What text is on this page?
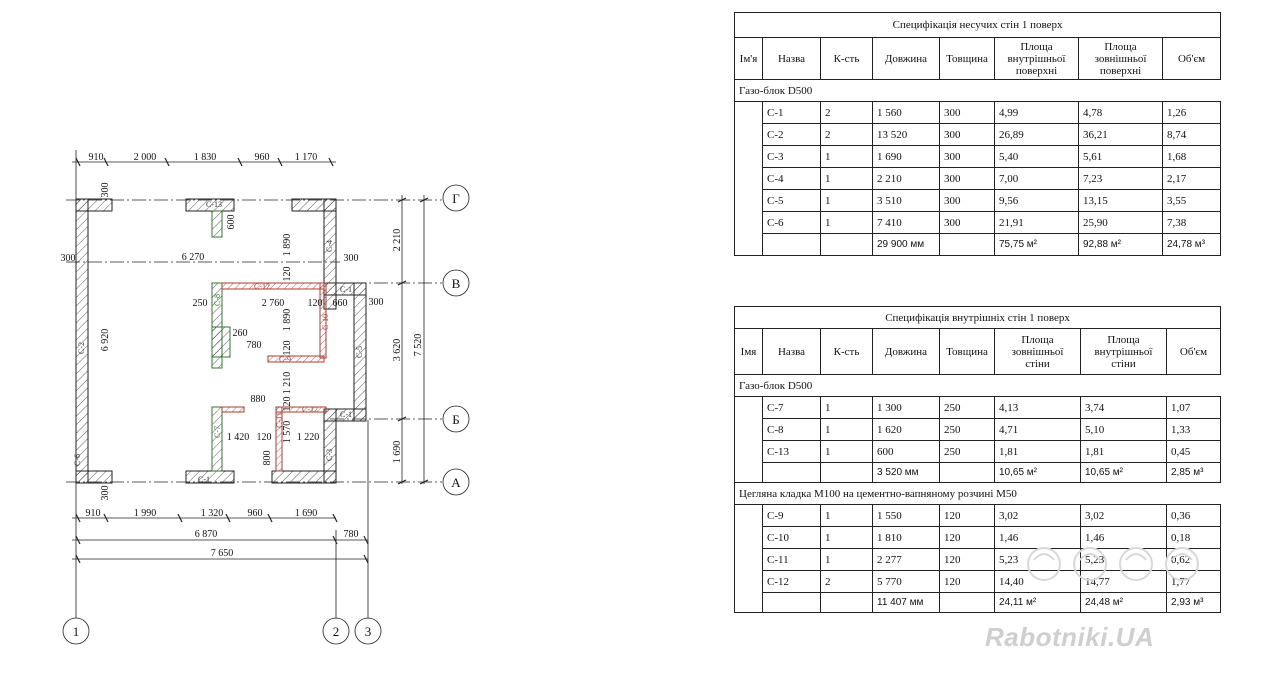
910	2 000	1 830	960	1 170
910	1 990	1 320 960	1 690
6 870	780
7 650
2 210
3 620
1 690
7 520
300
300	300
300
300
6 270
6 920
1 890
120
1 890
120
1 210
120
1 570
600
250	2 760 120 660
260
780
880
1 420 120	1 220
800
С-2
С-1
С-13
С-4
С-1
С-5
С-1
С-3
С-12
С-10
С-9
С-12
С-11
С-8
С-7
С-6
Г
В
Б
А
1	2 3
Специфікація несучих стін 1 поверх							
Ім'я	Назва	К-сть	Довжина	Товщина	Площа внутрішньої поверхні	Площа зовнішньої поверхні	Об'єм
Газо-блок D500							
	С-1	2	1 560	300	4,99	4,78	1,26
	С-2	2	13 520	300	26,89	36,21	8,74
	С-3	1	1 690	300	5,40	5,61	1,68
	С-4	1	2 210	300	7,00	7,23	2,17
	С-5	1	3 510	300	9,56	13,15	3,55
	С-6	1	7 410	300	21,91	25,90	7,38
			29 900 мм		75,75 м²	92,88 м²	24,78 м³
Специфікація внутрішніх стін 1 поверх							
Імя	Назва	К-сть	Довжина	Товщина	Площа зовнішньої стіни	Площа внутрішньої стіни	Об'єм
Газо-блок D500							
	С-7	1	1 300	250	4,13	3,74	1,07
	С-8	1	1 620	250	4,71	5,10	1,33
	С-13	1	600	250	1,81	1,81	0,45
			3 520 мм		10,65 м²	10,65 м²	2,85 м³
Цегляна кладка М100 на цементно-вапняному розчині М50							
	С-9	1	1 550	120	3,02	3,02	0,36
	С-10	1	1 810	120	1,46	1,46	0,18
	С-11	1	2 277	120	5,23	5,23	0,62
	С-12	2	5 770	120	14,40	14,77	1,77
			11 407 мм		24,11 м²	24,48 м²	2,93 м³
Rabotniki.UA
